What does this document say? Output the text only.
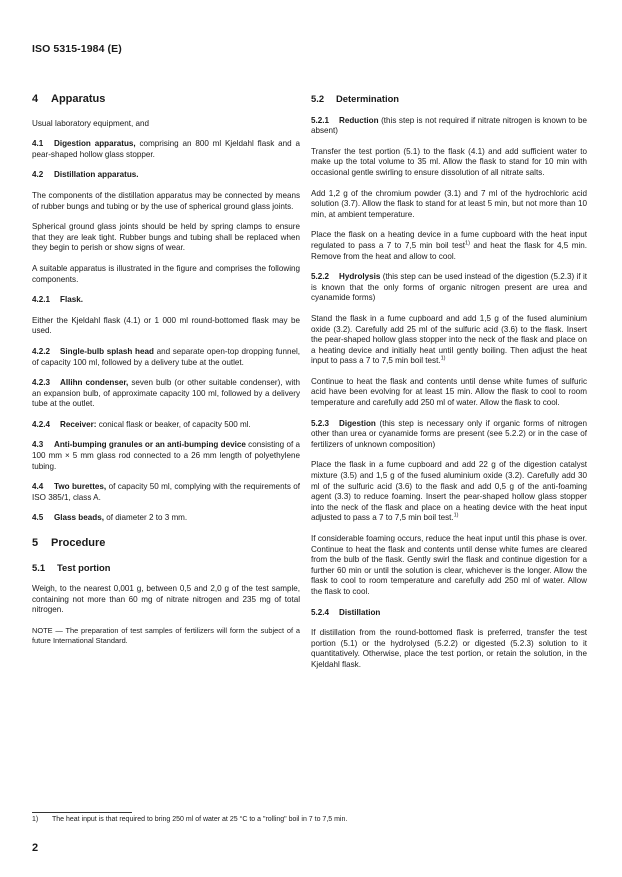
ISO 5315-1984 (E)
4 Apparatus

Usual laboratory equipment, and

4.1 Digestion apparatus, comprising an 800 ml Kjeldahl flask and a pear-shaped hollow glass stopper.
4.2 Distillation apparatus.

The components of the distillation apparatus may be connected by means of rubber bungs and tubing or by the use of spherical ground glass joints.

Spherical ground glass joints should be held by spring clamps to ensure that they are leak tight. Rubber bungs and tubing shall be replaced when they begin to perish or show signs of wear.

A suitable apparatus is illustrated in the figure and comprises the following components.

4.2.1 Flask.

Either the Kjeldahl flask (4.1) or 1 000 ml round-bottomed flask may be used.

4.2.2 Single-bulb splash head and separate open-top dropping funnel, of capacity 100 ml, followed by a delivery tube at the outlet.
4.2.3 Allihn condenser, seven bulb (or other suitable condenser), with an expansion bulb, of approximate capacity 100 ml, followed by a delivery tube at the outlet.
4.2.4 Receiver: conical flask or beaker, of capacity 500 ml.
4.3 Anti-bumping granules or an anti-bumping device consisting of a 100 mm × 5 mm glass rod connected to a 26 mm length of polyethylene tubing.
4.4 Two burettes, of capacity 50 ml, complying with the requirements of ISO 385/1, class A.
4.5 Glass beads, of diameter 2 to 3 mm.
5 Procedure
5.1 Test portion

Weigh, to the nearest 0,001 g, between 0,5 and 2,0 g of the test sample, containing not more than 60 mg of nitrate nitrogen and 235 mg of total nitrogen.

NOTE — The preparation of test samples of fertilizers will form the subject of a future International Standard.

5.2 Determination
5.2.1 Reduction (this step is not required if nitrate nitrogen is known to be absent)

Transfer the test portion (5.1) to the flask (4.1) and add sufficient water to make up the total volume to 35 ml. Allow the flask to stand for 10 min with occasional gentle swirling to ensure dissolution of all nitrate salts.

Add 1,2 g of the chromium powder (3.1) and 7 ml of the hydrochloric acid solution (3.7). Allow the flask to stand for at least 5 min, but not more than 10 min, at ambient temperature.

Place the flask on a heating device in a fume cupboard with the heat input regulated to pass a 7 to 7,5 min boil test$^{1)}$ and heat the flask for 4,5 min. Remove from the heat and allow to cool.

5.2.2 Hydrolysis (this step can be used instead of the digestion (5.2.3) if it is known that the only forms of organic nitrogen present are urea and cyanamide forms)

Stand the flask in a fume cupboard and add 1,5 g of the fused aluminium oxide (3.2). Carefully add 25 ml of the sulfuric acid (3.6) to the flask. Insert the pear-shaped hollow glass stopper into the neck of the flask and place on a heating device and initially heat until gently boiling. Then adjust the heat input to pass a 7 to 7,5 min boil test.$^{1)}$

Continue to heat the flask and contents until dense white fumes of sulfuric acid have been evolving for at least 15 min. Allow the flask to cool to room temperature and carefully add 250 ml of water. Allow the flask to cool.

5.2.3 Digestion (this step is necessary only if organic forms of nitrogen other than urea or cyanamide forms are present (see 5.2.2) or in the case of fertilizers of unknown composition)

Place the flask in a fume cupboard and add 22 g of the digestion catalyst mixture (3.5) and 1,5 g of the fused aluminium oxide (3.2). Carefully add 30 ml of the sulfuric acid (3.6) to the flask and add 0,5 g of the anti-foaming agent (3.3) to reduce foaming. Insert the pear-shaped hollow glass stopper into the neck of the flask and place on a heating device with the heat input adjusted to pass a 7 to 7,5 min boil test.$^{1)}$

If considerable foaming occurs, reduce the heat input until this phase is over. Continue to heat the flask and contents until dense white fumes are cleared from the bulb of the flask. Gently swirl the flask and continue digestion for a further 60 min or until the solution is clear, whichever is the longer. Allow the flask to cool to room temperature and carefully add 250 ml of water. Allow the flask to cool.

5.2.4 Distillation

If distillation from the round-bottomed flask is preferred, transfer the test portion (5.1) or the hydrolysed (5.2.2) or digested (5.2.3) solution to it quantitatively. Otherwise, place the test portion, or retain the solution, in the Kjeldahl flask.

1) The heat input is that required to bring 250 ml of water at 25 °C to a "rolling" boil in 7 to 7,5 min.
2
